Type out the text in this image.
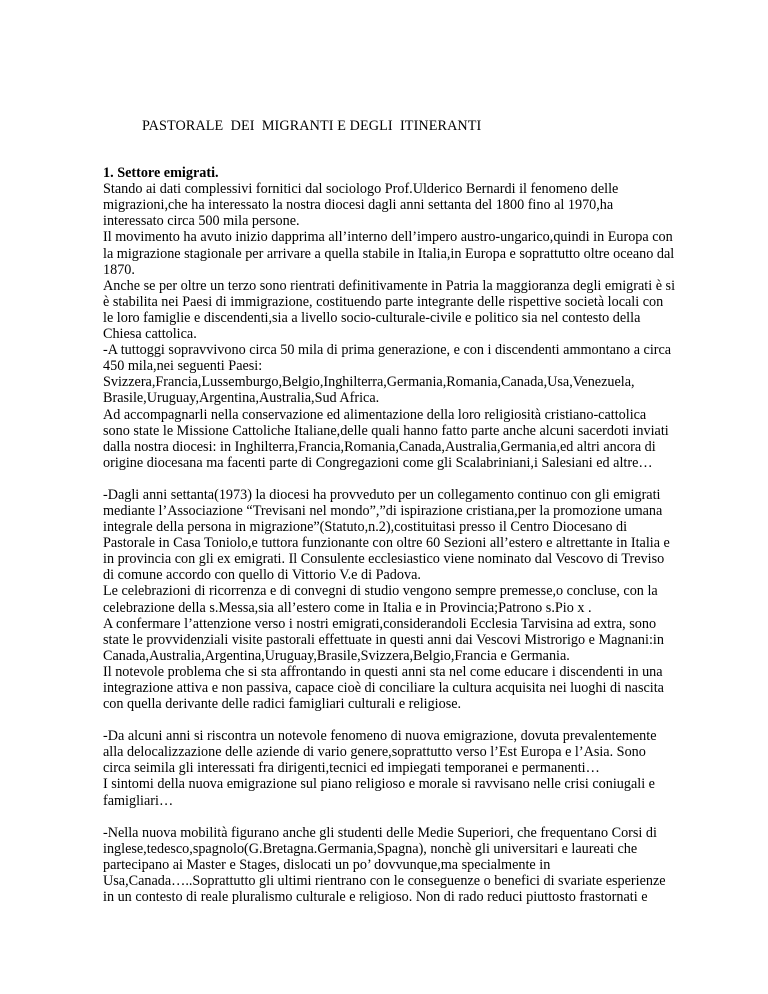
PASTORALE  DEI  MIGRANTI E DEGLI  ITINERANTI
1. Settore emigrati.

Stando ai dati complessivi fornitici dal sociologo Prof.Ulderico Bernardi il fenomeno delle migrazioni,che ha interessato la nostra diocesi dagli anni settanta del 1800 fino al 1970,ha interessato circa 500 mila persone.

Il movimento ha avuto inizio dapprima all’interno dell’impero austro-ungarico,quindi in Europa con la migrazione stagionale per arrivare a quella stabile in Italia,in Europa e soprattutto oltre oceano dal 1870.

Anche se per oltre un terzo sono rientrati definitivamente in Patria la maggioranza degli emigrati è si è stabilita nei Paesi di immigrazione, costituendo parte integrante delle rispettive società locali con le loro famiglie e discendenti,sia a livello socio-culturale-civile e politico sia nel contesto della Chiesa cattolica.

-A tuttoggi sopravvivono circa 50 mila di prima generazione, e con i discendenti ammontano a circa 450 mila,nei seguenti Paesi:

Svizzera,Francia,Lussemburgo,Belgio,Inghilterra,Germania,Romania,Canada,Usa,Venezuela, Brasile,Uruguay,Argentina,Australia,Sud Africa.

Ad accompagnarli nella conservazione ed alimentazione della loro religiosità cristiano-cattolica sono state le Missione Cattoliche Italiane,delle quali hanno fatto parte anche alcuni sacerdoti inviati dalla nostra diocesi: in Inghilterra,Francia,Romania,Canada,Australia,Germania,ed altri ancora di origine diocesana ma facenti parte di Congregazioni come gli Scalabriniani,i Salesiani ed altre…

-Dagli anni settanta(1973) la diocesi ha provveduto per un collegamento continuo con gli emigrati mediante l’Associazione “Trevisani nel mondo”,”di ispirazione cristiana,per la promozione umana integrale della persona in migrazione”(Statuto,n.2),costituitasi presso il Centro Diocesano di Pastorale in Casa Toniolo,e tuttora funzionante con oltre 60 Sezioni all’estero e altrettante in Italia e in provincia con gli ex emigrati. Il Consulente ecclesiastico viene nominato dal Vescovo di Treviso di comune accordo con quello di Vittorio V.e di Padova.

Le celebrazioni di ricorrenza e di convegni di studio vengono sempre premesse,o concluse, con la celebrazione della s.Messa,sia all’estero come in Italia e in Provincia;Patrono s.Pio x .

A confermare l’attenzione verso i nostri emigrati,considerandoli Ecclesia Tarvisina ad extra, sono state le provvidenziali visite pastorali effettuate in questi anni dai Vescovi Mistrorigo e Magnani:in Canada,Australia,Argentina,Uruguay,Brasile,Svizzera,Belgio,Francia e Germania.

Il notevole problema che si sta affrontando in questi anni sta nel come educare i discendenti in una integrazione attiva e non passiva, capace cioè di conciliare la cultura acquisita nei luoghi di nascita con quella derivante delle radici famigliari culturali e religiose.

-Da alcuni anni si riscontra un notevole fenomeno di nuova emigrazione, dovuta prevalentemente alla delocalizzazione delle aziende di vario genere,soprattutto verso l’Est Europa e l’Asia. Sono circa seimila gli interessati fra dirigenti,tecnici ed impiegati temporanei e permanenti…

I sintomi della nuova emigrazione sul piano religioso e morale si ravvisano nelle crisi coniugali e famigliari…

-Nella nuova mobilità figurano anche gli studenti delle Medie Superiori, che frequentano Corsi di inglese,tedesco,spagnolo(G.Bretagna.Germania,Spagna), nonchè gli universitari e laureati che partecipano ai Master e Stages, dislocati un po’ dovvunque,ma specialmente in Usa,Canada…..Soprattutto gli ultimi rientrano con le conseguenze o benefici di svariate esperienze in un contesto di reale pluralismo culturale e religioso. Non di rado reduci piuttosto frastornati e
